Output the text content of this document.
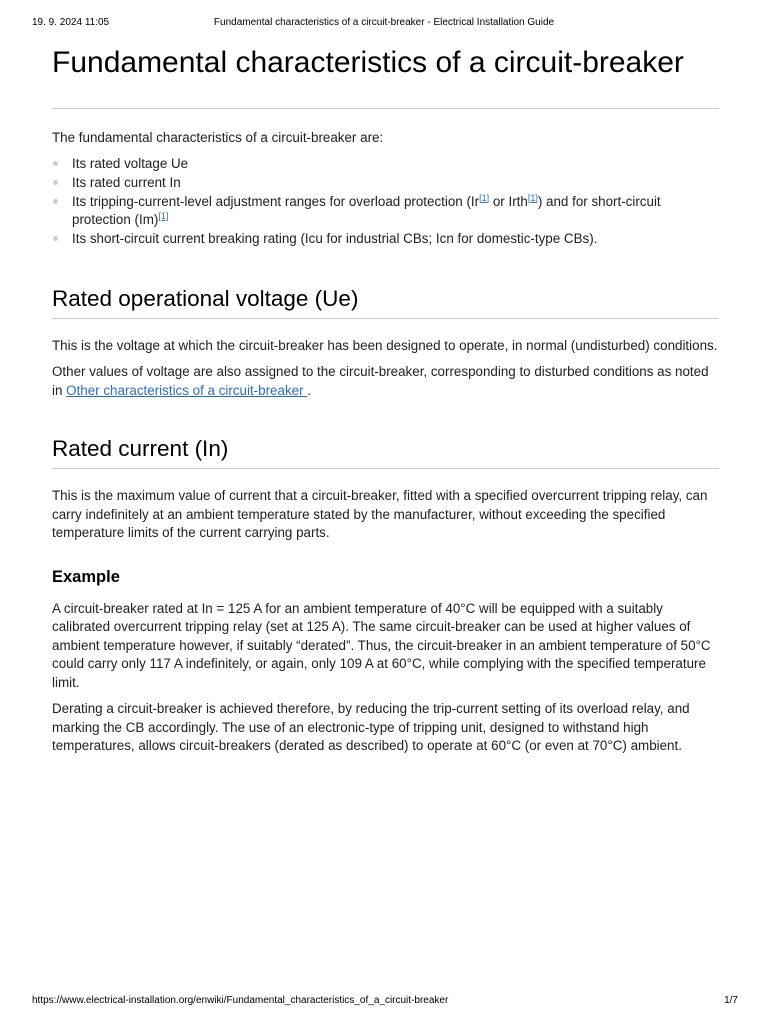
19. 9. 2024 11:05	Fundamental characteristics of a circuit-breaker - Electrical Installation Guide
Fundamental characteristics of a circuit-breaker

The fundamental characteristics of a circuit-breaker are:

Its rated voltage Ue
Its rated current In
Its tripping-current-level adjustment ranges for overload protection (Ir[1] or Irth[1]) and for short-circuit protection (Im)[1]
Its short-circuit current breaking rating (Icu for industrial CBs; Icn for domestic-type CBs).
Rated operational voltage (Ue)

This is the voltage at which the circuit-breaker has been designed to operate, in normal (undisturbed) conditions.

Other values of voltage are also assigned to the circuit-breaker, corresponding to disturbed conditions as noted in Other characteristics of a circuit-breaker .

Rated current (In)

This is the maximum value of current that a circuit-breaker, fitted with a specified overcurrent tripping relay, can carry indefinitely at an ambient temperature stated by the manufacturer, without exceeding the specified temperature limits of the current carrying parts.

Example

A circuit-breaker rated at In = 125 A for an ambient temperature of 40°C will be equipped with a suitably calibrated overcurrent tripping relay (set at 125 A). The same circuit-breaker can be used at higher values of ambient temperature however, if suitably “derated”. Thus, the circuit-breaker in an ambient temperature of 50°C could carry only 117 A indefinitely, or again, only 109 A at 60°C, while complying with the specified temperature limit.

Derating a circuit-breaker is achieved therefore, by reducing the trip-current setting of its overload relay, and marking the CB accordingly. The use of an electronic-type of tripping unit, designed to withstand high temperatures, allows circuit-breakers (derated as described) to operate at 60°C (or even at 70°C) ambient.

https://www.electrical-installation.org/enwiki/Fundamental_characteristics_of_a_circuit-breaker	1/7
